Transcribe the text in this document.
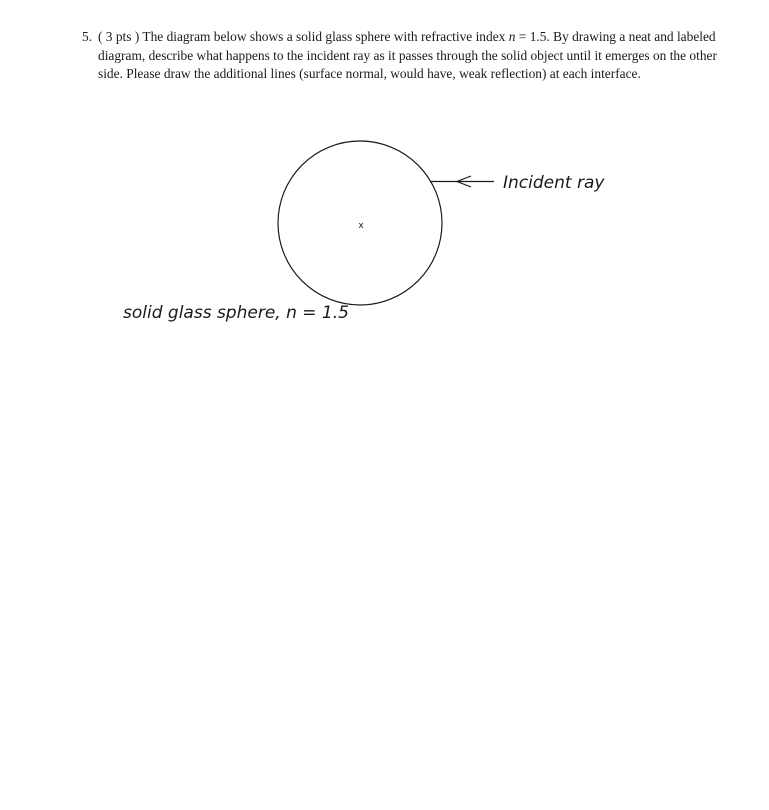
5. ( 3 pts ) The diagram below shows a solid glass sphere with refractive index n = 1.5. By drawing a neat and labeled diagram, describe what happens to the incident ray as it passes through the solid object until it emerges on the other side. Please draw the additional lines (surface normal, would have, weak reflection) at each interface.
x
Incident ray
solid glass sphere, n = 1.5
